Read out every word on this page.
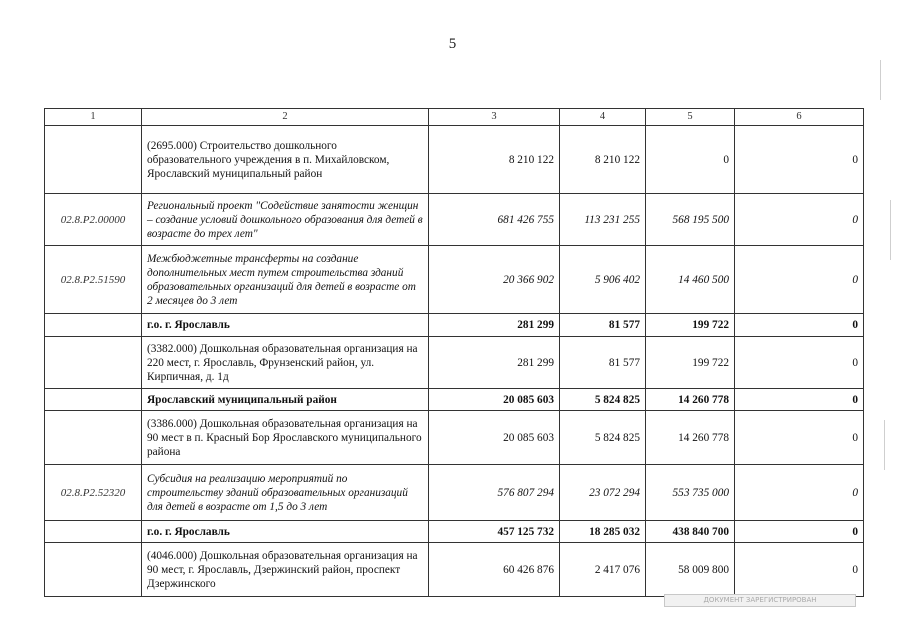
5
1	2	3	4	5	6
	(2695.000) Строительство дошкольного образовательного учреждения в п. Михайловском, Ярославский муниципальный район	8 210 122	8 210 122	0	0
02.8.P2.00000	Региональный проект "Содействие занятости женщин – создание условий дошкольного образования для детей в возрасте до трех лет"	681 426 755	113 231 255	568 195 500	0
02.8.P2.51590	Межбюджетные трансферты на создание дополнительных мест путем строительства зданий образовательных организаций для детей в возрасте от 2 месяцев до 3 лет	20 366 902	5 906 402	14 460 500	0
	г.о. г. Ярославль	281 299	81 577	199 722	0
	(3382.000) Дошкольная образовательная организация на 220 мест, г. Ярославль, Фрунзенский район, ул. Кирпичная, д. 1д	281 299	81 577	199 722	0
	Ярославский муниципальный район	20 085 603	5 824 825	14 260 778	0
	(3386.000) Дошкольная образовательная организация на 90 мест в п. Красный Бор Ярославского муниципального района	20 085 603	5 824 825	14 260 778	0
02.8.P2.52320	Субсидия на реализацию мероприятий по строительству зданий образовательных организаций для детей в возрасте от 1,5 до 3 лет	576 807 294	23 072 294	553 735 000	0
	г.о. г. Ярославль	457 125 732	18 285 032	438 840 700	0
	(4046.000) Дошкольная образовательная организация на 90 мест, г. Ярославль, Дзержинский район, проспект Дзержинского	60 426 876	2 417 076	58 009 800	0
ДОКУМЕНТ ЗАРЕГИСТРИРОВАН
